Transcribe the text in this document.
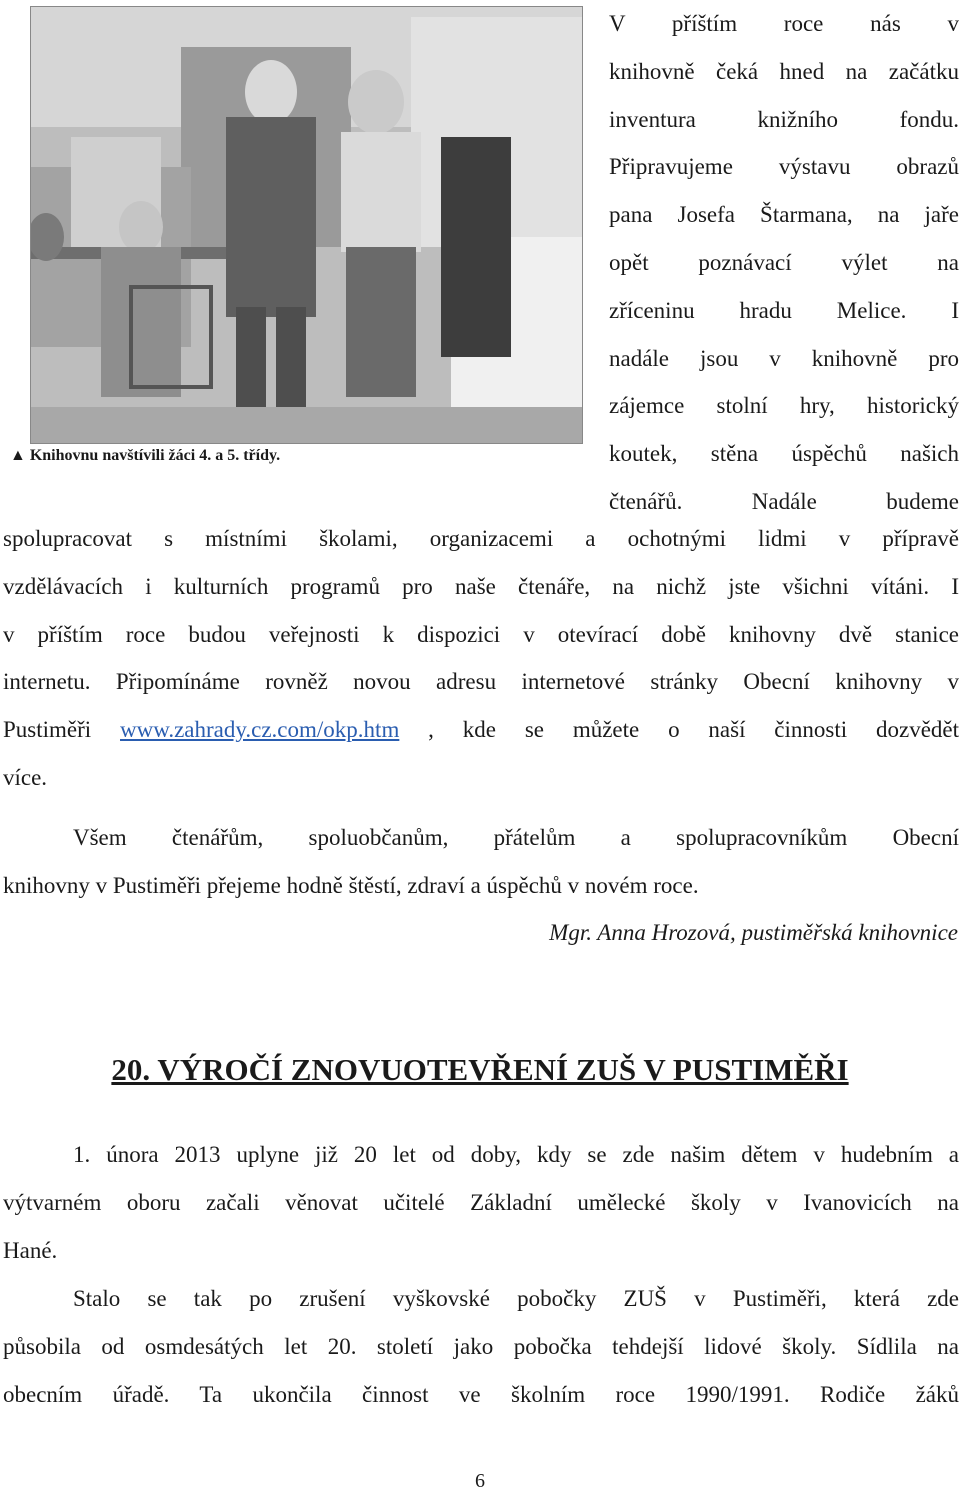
▲ Knihovnu navštívili žáci 4. a 5. třídy.
V příštím roce nás v
knihovně čeká hned na začátku
inventura knižního fondu.
Připravujeme výstavu obrazů
pana Josefa Štarmana, na jaře
opět poznávací výlet na
zříceninu hradu Melice. I
nadále jsou v knihovně pro
zájemce stolní hry, historický
koutek, stěna úspěchů našich
čtenářů. Nadále budeme
spolupracovat s místními školami, organizacemi a ochotnými lidmi v přípravě
vzdělávacích i kulturních programů pro naše čtenáře, na nichž jste všichni vítáni. I
v příštím roce budou veřejnosti k dispozici v otevírací době knihovny dvě stanice
internetu. Připomínáme rovněž novou adresu internetové stránky Obecní knihovny v
Pustiměři www.zahrady.cz.com/okp.htm , kde se můžete o naší činnosti dozvědět
více.
Všem čtenářům, spoluobčanům, přátelům a spolupracovníkům Obecní
knihovny v Pustiměři přejeme hodně štěstí, zdraví a úspěchů v novém roce.
Mgr. Anna Hrozová, pustiměřská knihovnice
20. VÝROČÍ ZNOVUOTEVŘENÍ ZUŠ V PUSTIMĚŘI
1. února 2013 uplyne již 20 let od doby, kdy se zde našim dětem v hudebním a
výtvarném oboru začali věnovat učitelé Základní umělecké školy v Ivanovicích na
Hané.
Stalo se tak po zrušení vyškovské pobočky ZUŠ v Pustiměři, která zde
působila od osmdesátých let 20. století jako pobočka tehdejší lidové školy. Sídlila na
obecním úřadě. Ta ukončila činnost ve školním roce 1990/1991. Rodiče žáků
6
